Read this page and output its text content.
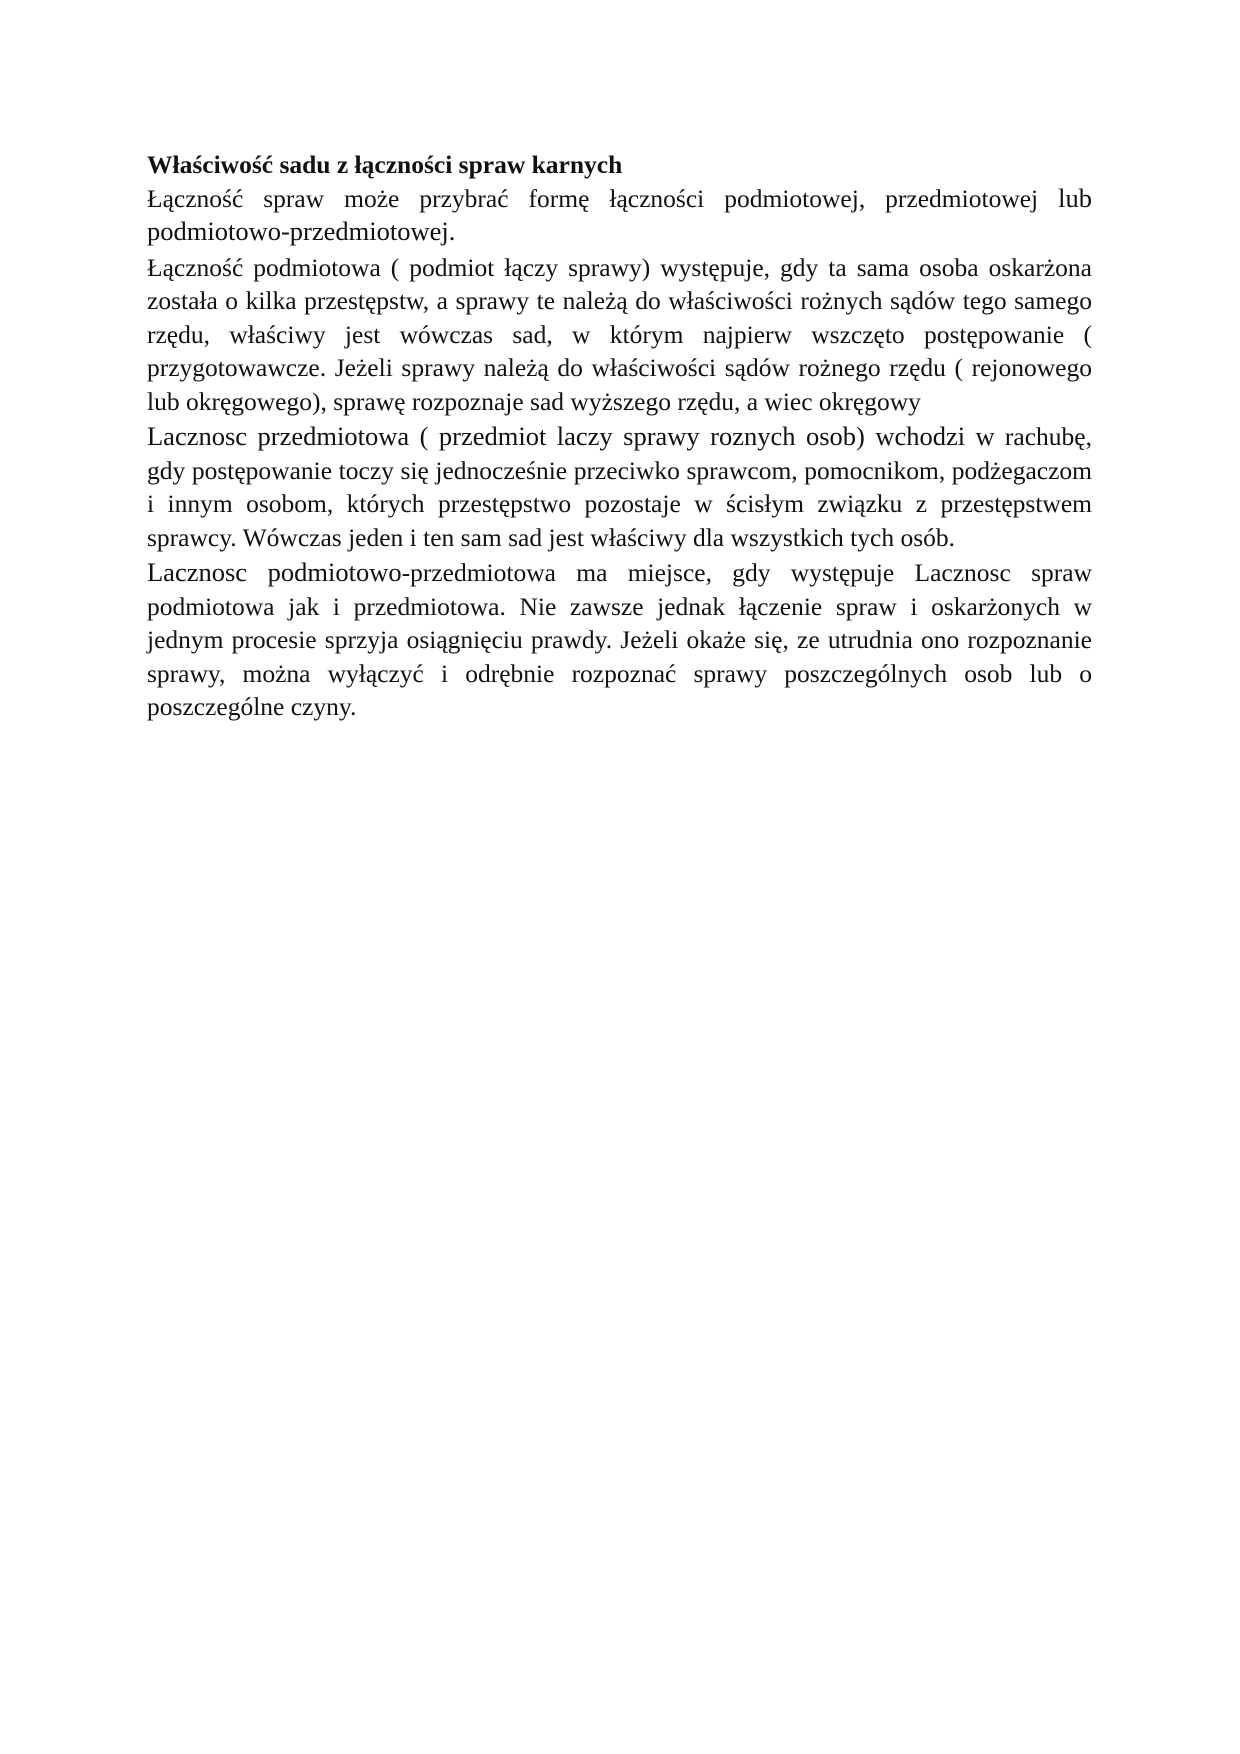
Właściwość sadu z łączności spraw karnych

Łączność spraw może przybrać formę łączności podmiotowej, przedmiotowej lub podmiotowo-przedmiotowej.

Łączność podmiotowa ( podmiot łączy sprawy) występuje, gdy ta sama osoba oskarżona została o kilka przestępstw, a sprawy te należą do właściwości rożnych sądów tego samego rzędu, właściwy jest wówczas sad, w którym najpierw wszczęto postępowanie ( przygotowawcze. Jeżeli sprawy należą do właściwości sądów rożnego rzędu ( rejonowego lub okręgowego), sprawę rozpoznaje sad wyższego rzędu, a wiec okręgowy

Lacznosc przedmiotowa ( przedmiot laczy sprawy roznych osob) wchodzi w rachubę, gdy postępowanie toczy się jednocześnie przeciwko sprawcom, pomocnikom, podżegaczom i innym osobom, których przestępstwo pozostaje w ścisłym związku z przestępstwem sprawcy. Wówczas jeden i ten sam sad jest właściwy dla wszystkich tych osób.

Lacznosc podmiotowo-przedmiotowa ma miejsce, gdy występuje Lacznosc spraw podmiotowa jak i przedmiotowa. Nie zawsze jednak łączenie spraw i oskarżonych w jednym procesie sprzyja osiągnięciu prawdy. Jeżeli okaże się, ze utrudnia ono rozpoznanie sprawy, można wyłączyć i odrębnie rozpoznać sprawy poszczególnych osob lub o poszczególne czyny.
